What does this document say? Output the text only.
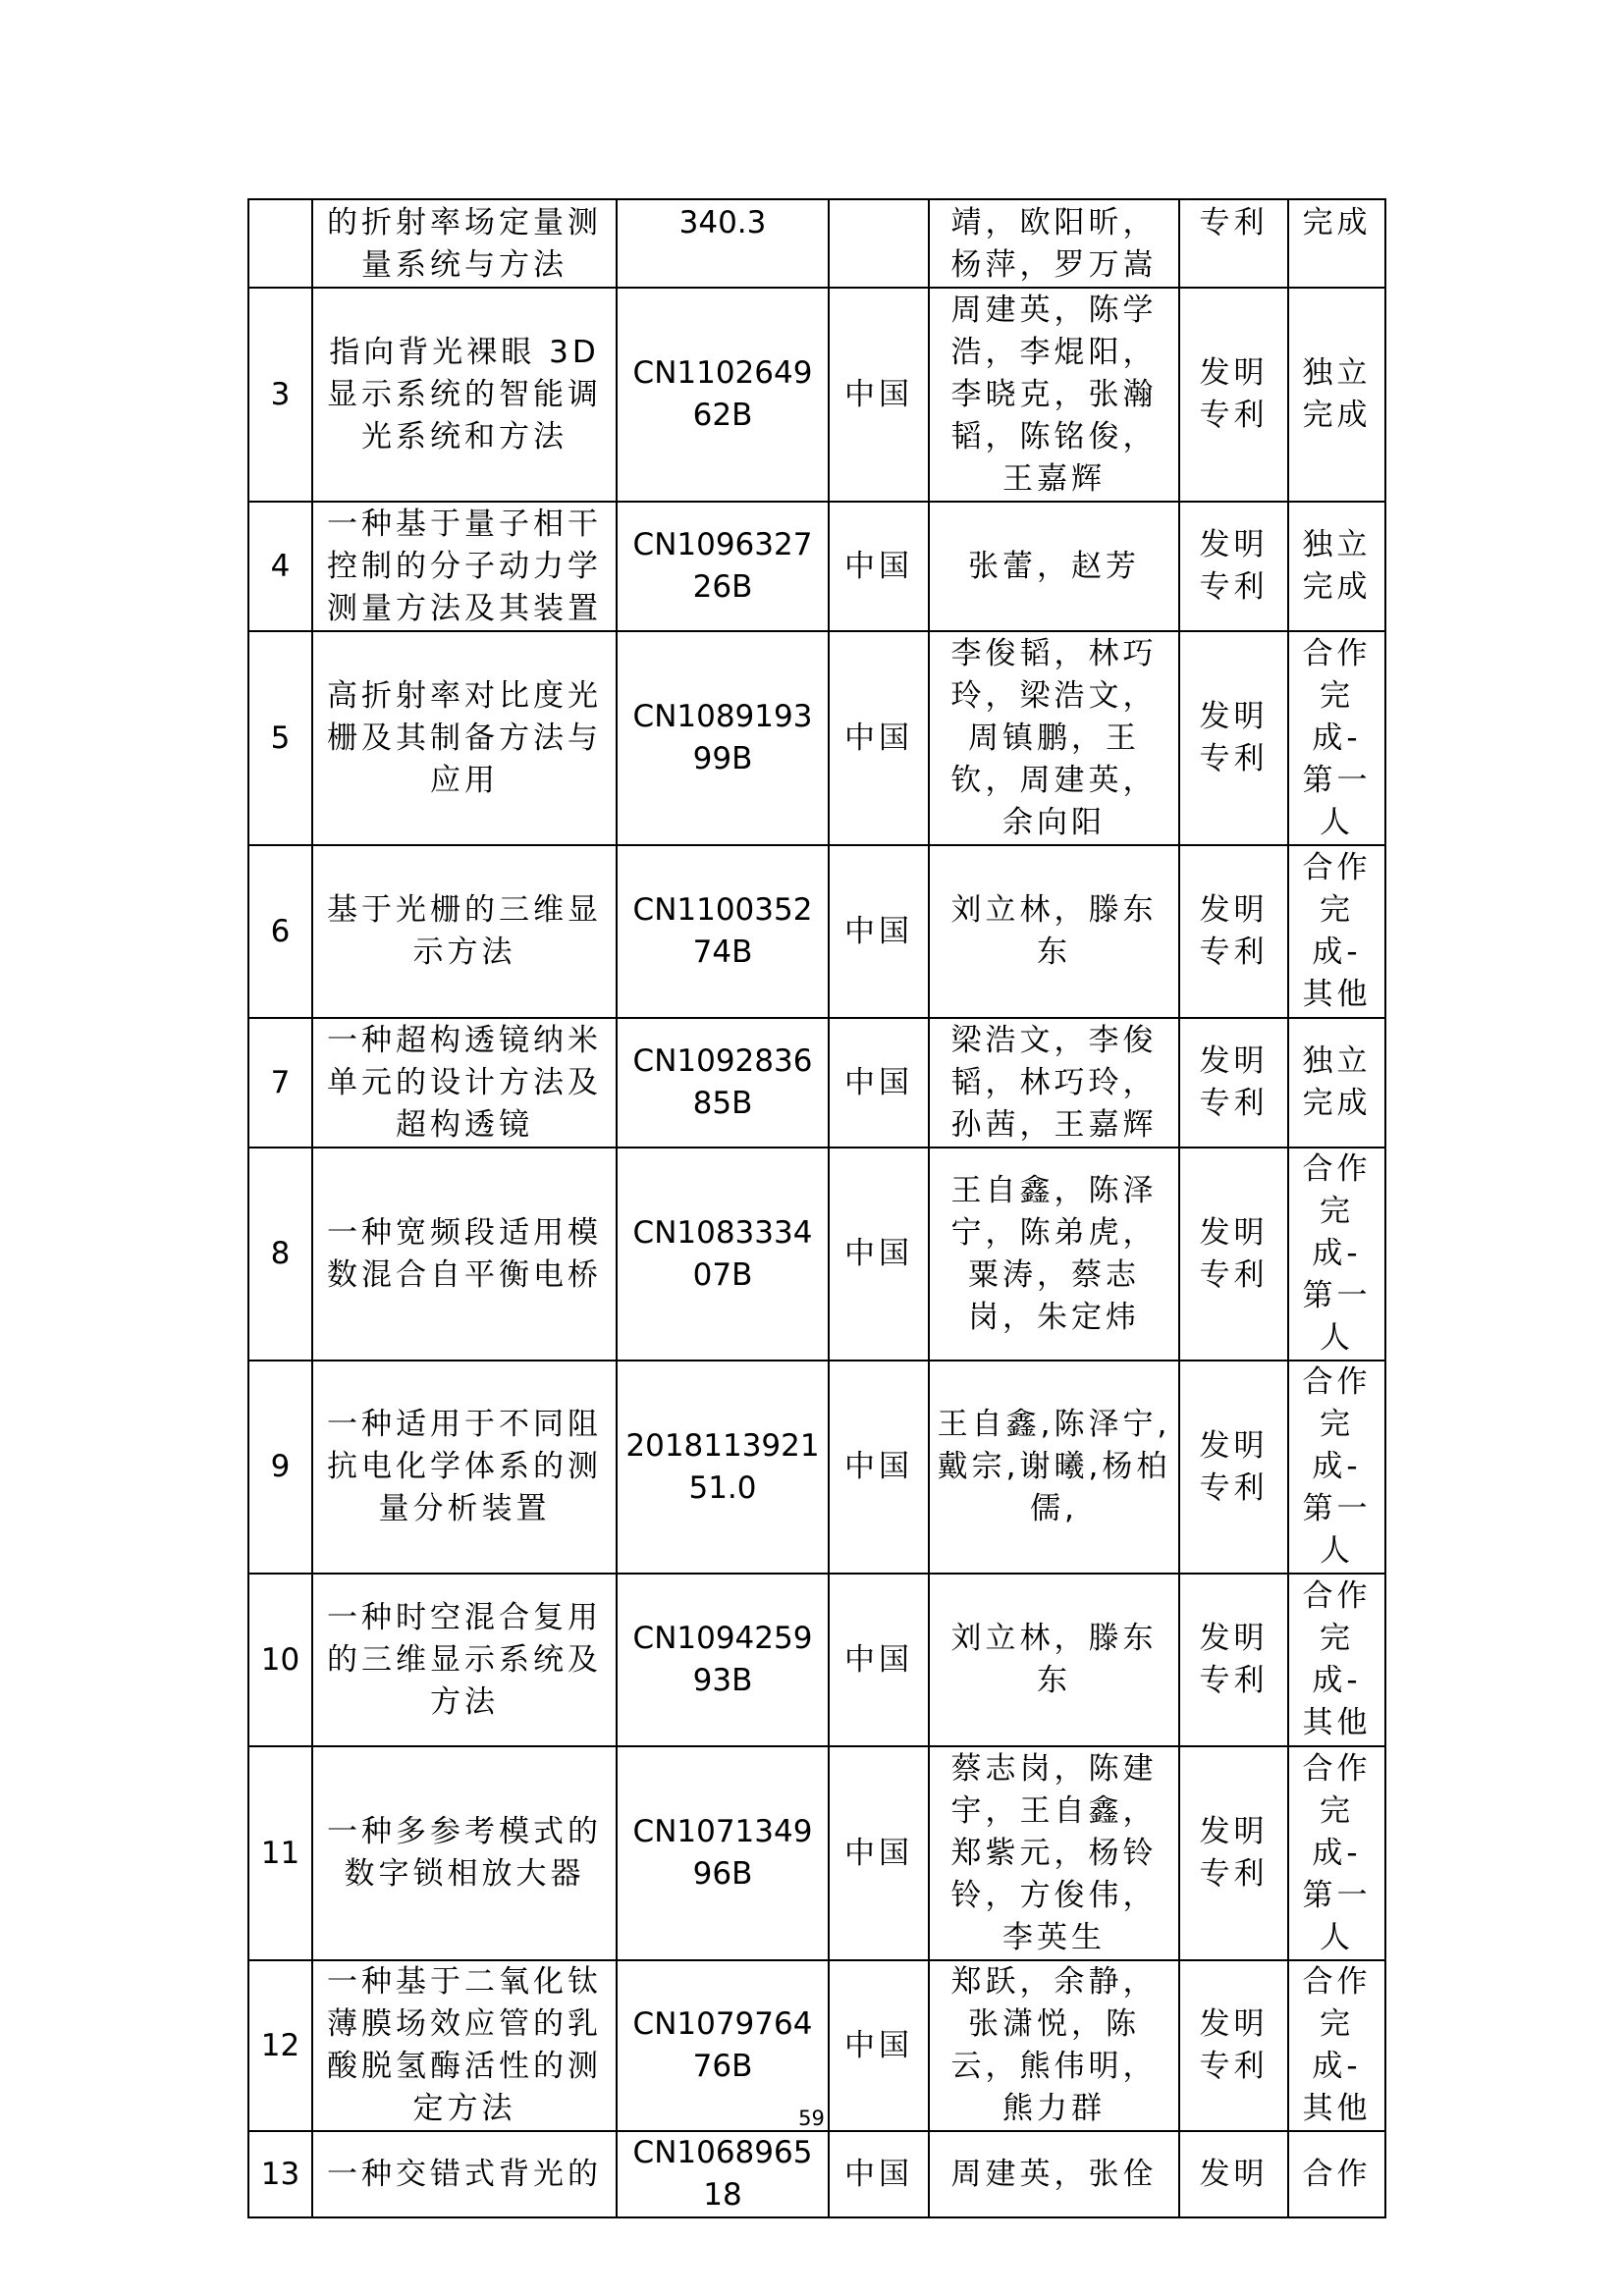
	的折射率场定量测量系统与方法	340.3		靖，欧阳昕，杨萍，罗万嵩	专利	完成
3	指向背光裸眼 3D 显示系统的智能调光系统和方法	CN110264962B	中国	周建英，陈学浩，李焜阳，李晓克，张瀚韬，陈铭俊，王嘉辉	发明专利	独立完成
4	一种基于量子相干控制的分子动力学测量方法及其装置	CN109632726B	中国	张蕾，赵芳	发明专利	独立完成
5	高折射率对比度光栅及其制备方法与应用	CN108919399B	中国	李俊韬，林巧玲，梁浩文，周镇鹏，王钦，周建英，余向阳	发明专利	合作完成-第一人
6	基于光栅的三维显示方法	CN110035274B	中国	刘立林，滕东东	发明专利	合作完成-其他
7	一种超构透镜纳米单元的设计方法及超构透镜	CN109283685B	中国	梁浩文，李俊韬，林巧玲，孙茜，王嘉辉	发明专利	独立完成
8	一种宽频段适用模数混合自平衡电桥	CN108333407B	中国	王自鑫，陈泽宁，陈弟虎，粟涛，蔡志岗，朱定炜	发明专利	合作完成-第一人
9	一种适用于不同阻抗电化学体系的测量分析装置	201811392151.0	中国	王自鑫,陈泽宁,戴宗,谢曦,杨柏儒,	发明专利	合作完成-第一人
10	一种时空混合复用的三维显示系统及方法	CN109425993B	中国	刘立林，滕东东	发明专利	合作完成-其他
11	一种多参考模式的数字锁相放大器	CN107134996B	中国	蔡志岗，陈建宇，王自鑫，郑紫元，杨铃铃，方俊伟，李英生	发明专利	合作完成-第一人
12	一种基于二氧化钛薄膜场效应管的乳酸脱氢酶活性的测定方法	CN107976476B	中国	郑跃，余静，张潇悦，陈云，熊伟明，熊力群	发明专利	合作完成-其他
13	一种交错式背光的	CN106896518	中国	周建英，张佺	发明	合作
59
